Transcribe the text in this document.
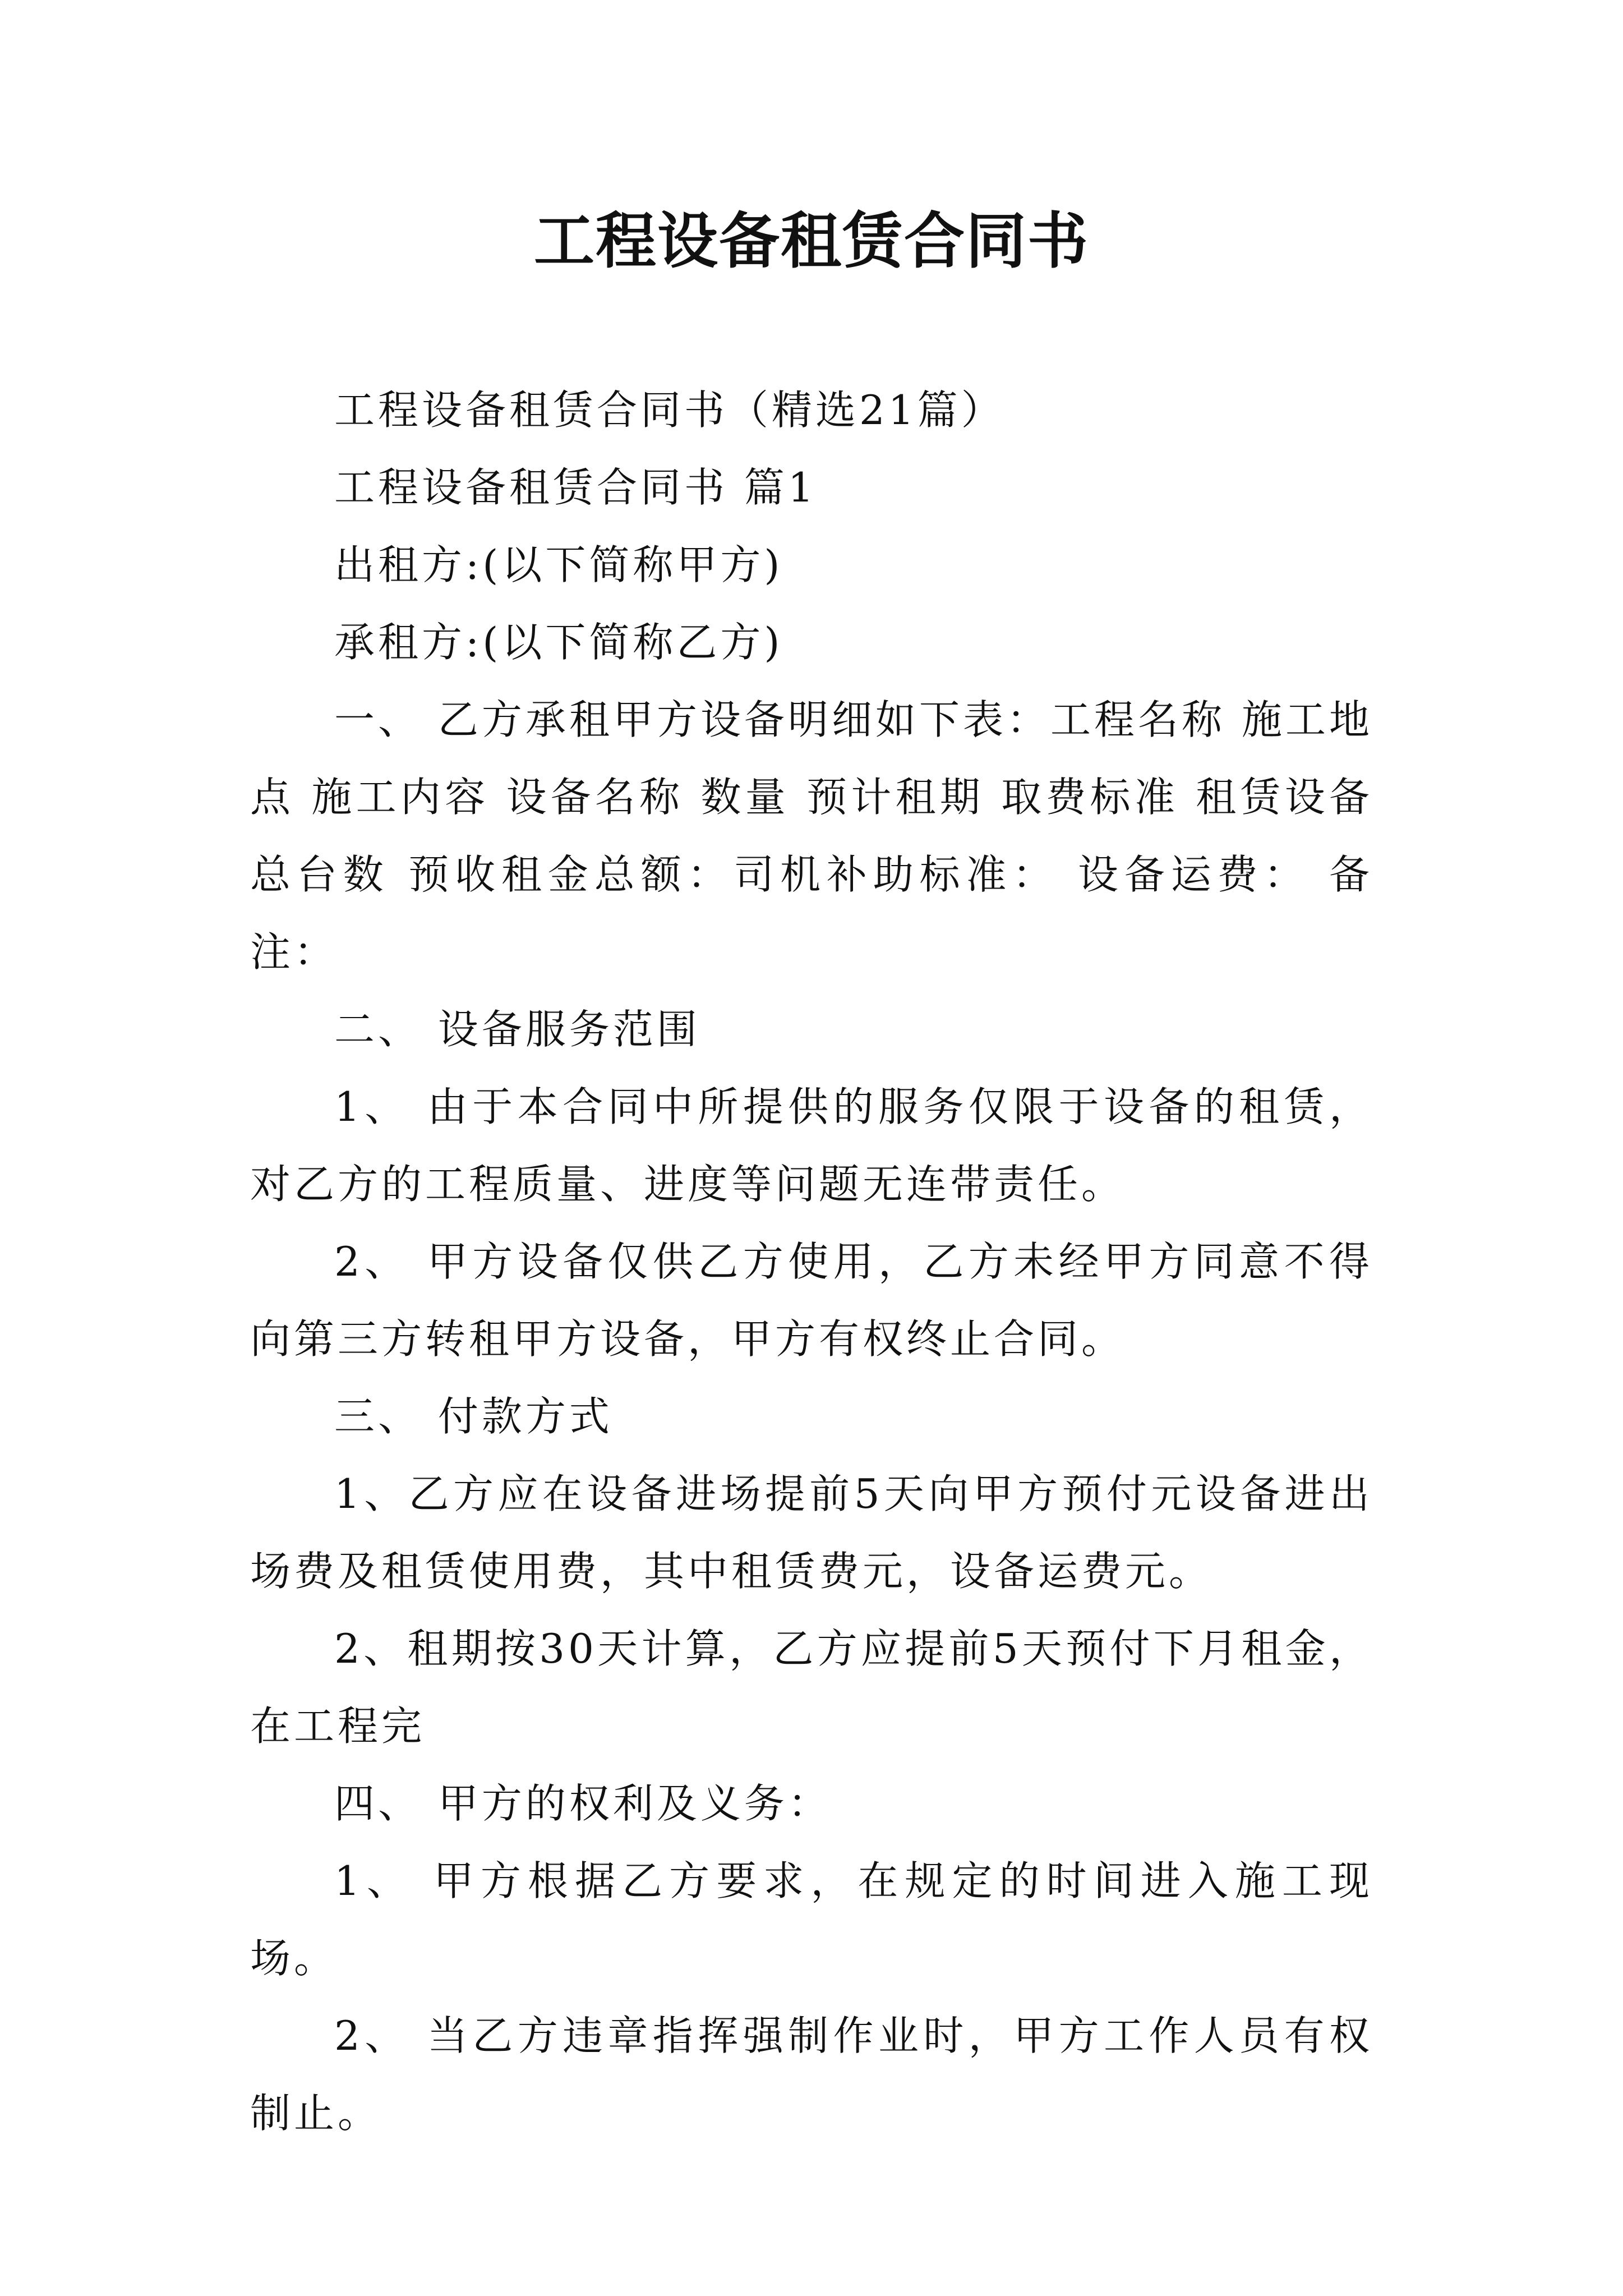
工程设备租赁合同书

工程设备租赁合同书（精选21篇）

工程设备租赁合同书 篇1

出租方:(以下简称甲方)

承租方:(以下简称乙方)

一、 乙方承租甲方设备明细如下表：工程名称 施工地点 施工内容 设备名称 数量 预计租期 取费标准 租赁设备总台数 预收租金总额：司机补助标准： 设备运费： 备注：

二、 设备服务范围

1、 由于本合同中所提供的服务仅限于设备的租赁，对乙方的工程质量、进度等问题无连带责任。

2、 甲方设备仅供乙方使用，乙方未经甲方同意不得向第三方转租甲方设备，甲方有权终止合同。

三、 付款方式

1、乙方应在设备进场提前5天向甲方预付元设备进出场费及租赁使用费，其中租赁费元，设备运费元。

2、租期按30天计算，乙方应提前5天预付下月租金，在工程完

四、 甲方的权利及义务：

1、 甲方根据乙方要求，在规定的时间进入施工现场。

2、 当乙方违章指挥强制作业时，甲方工作人员有权制止。
